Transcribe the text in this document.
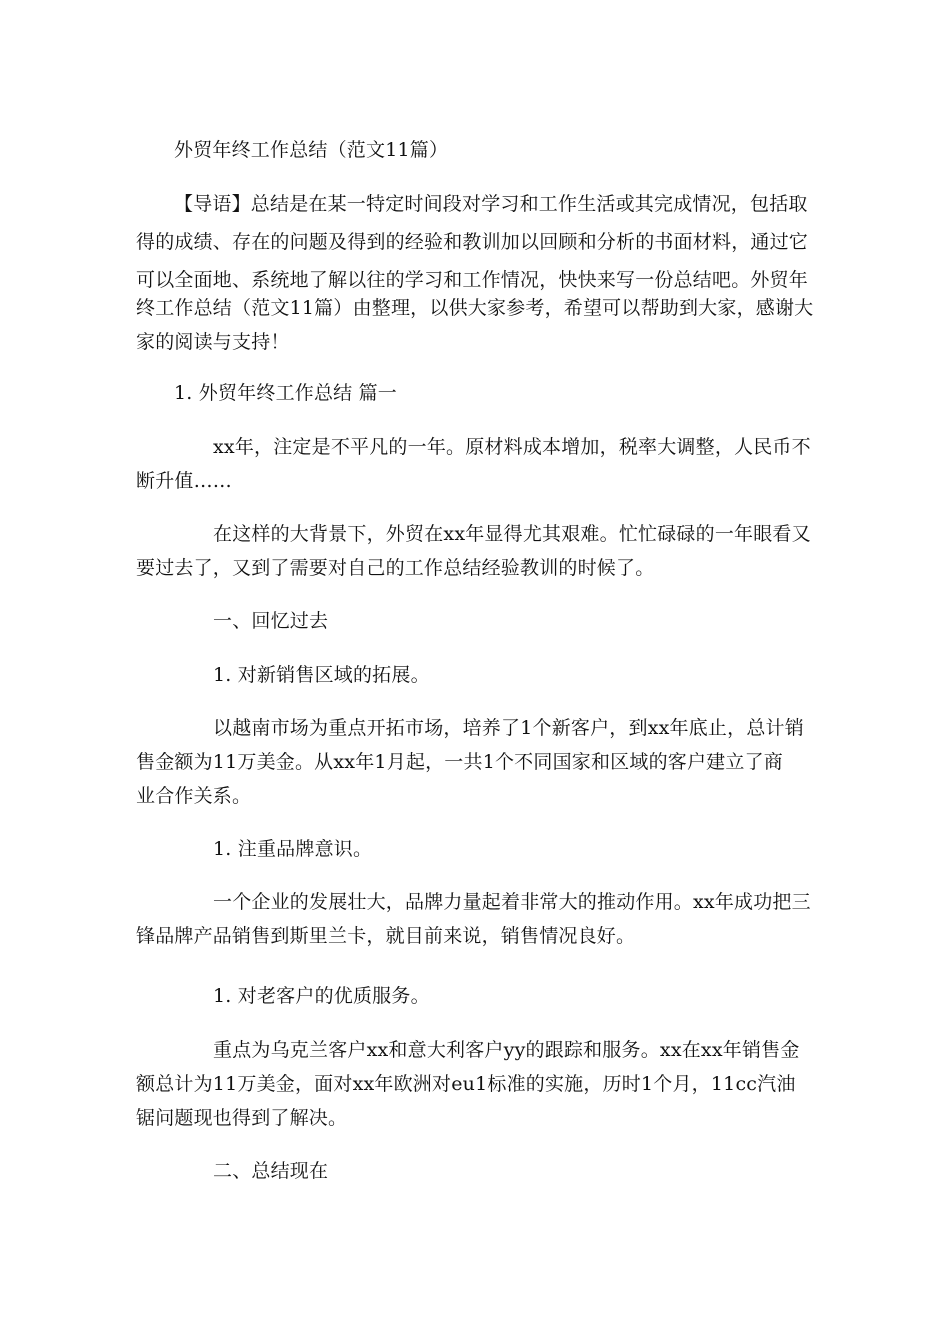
外贸年终工作总结（范文11篇）
【导语】总结是在某一特定时间段对学习和工作生活或其完成情况，包括取
得的成绩、存在的问题及得到的经验和教训加以回顾和分析的书面材料，通过它
可以全面地、系统地了解以往的学习和工作情况，快快来写一份总结吧。外贸年
终工作总结（范文11篇）由整理，以供大家参考，希望可以帮助到大家，感谢大
家的阅读与支持！
1. 外贸年终工作总结 篇一
xx年，注定是不平凡的一年。原材料成本增加，税率大调整，人民币不
断升值……
在这样的大背景下，外贸在xx年显得尤其艰难。忙忙碌碌的一年眼看又
要过去了，又到了需要对自己的工作总结经验教训的时候了。
一、回忆过去
1. 对新销售区域的拓展。
以越南市场为重点开拓市场，培养了1个新客户，到xx年底止，总计销
售金额为11万美金。从xx年1月起，一共1个不同国家和区域的客户建立了商
业合作关系。
1. 注重品牌意识。
一个企业的发展壮大，品牌力量起着非常大的推动作用。xx年成功把三
锋品牌产品销售到斯里兰卡，就目前来说，销售情况良好。
1. 对老客户的优质服务。
重点为乌克兰客户xx和意大利客户yy的跟踪和服务。xx在xx年销售金
额总计为11万美金，面对xx年欧洲对eu1标准的实施，历时1个月，11cc汽油
锯问题现也得到了解决。
二、总结现在
